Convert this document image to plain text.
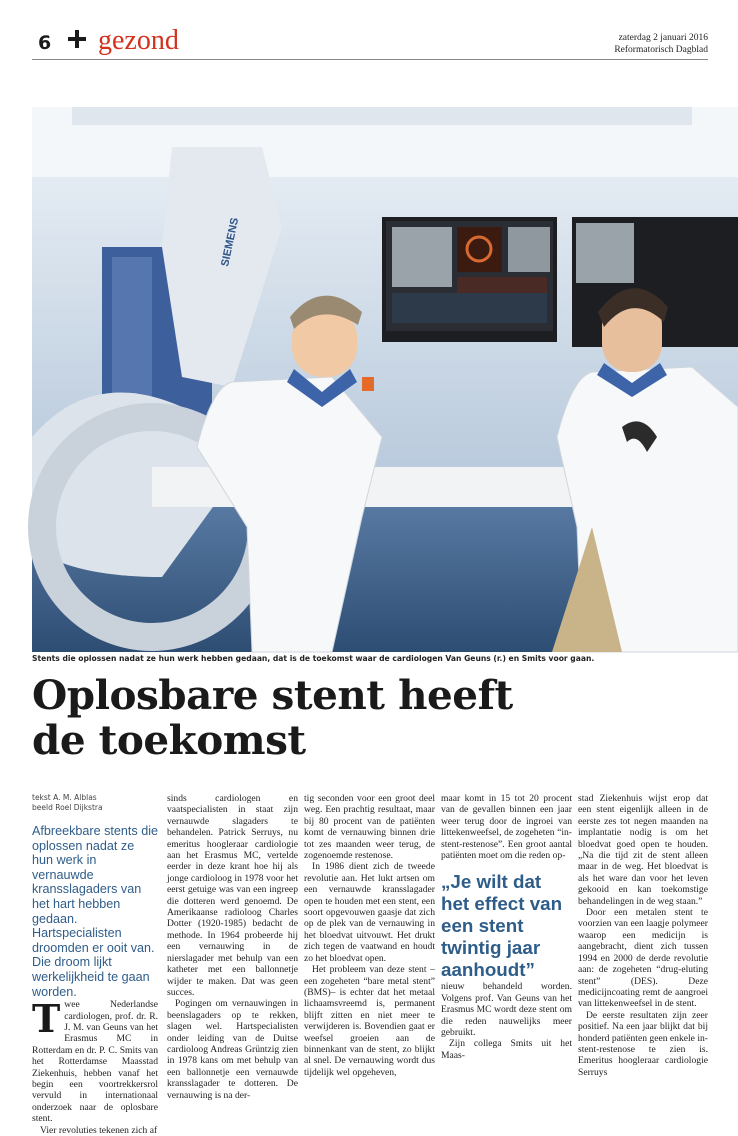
6 gezond	zaterdag 2 januari 2016
Reformatorisch Dagblad
SIEMENS
Stents die oplossen nadat ze hun werk hebben gedaan, dat is de toekomst waar de cardiologen Van Geuns (r.) en Smits voor gaan.
Oplosbare stent heeft
de toekomst
tekst A. M. Alblas
beeld Roel Dijkstra

Afbreekbare stents die oplossen nadat ze hun werk in vernauwde kransslagaders van het hart hebben gedaan. Hartspecialisten droomden er ooit van. Die droom lijkt werkelijkheid te gaan worden.

Twee Nederlandse cardiologen, prof. dr. R. J. M. van Geuns van het Erasmus MC in Rotterdam en dr. P. C. Smits van het Rotterdamse Maasstad Ziekenhuis, hebben vanaf het begin een voortrekkersrol vervuld in internationaal onderzoek naar de oplosbare stent.

Vier revoluties tekenen zich af

sinds cardiologen en vaatspecialisten in staat zijn vernauwde slagaders te behandelen. Patrick Serruys, nu emeritus hoogleraar cardiologie aan het Erasmus MC, vertelde eerder in deze krant hoe hij als jonge cardioloog in 1978 voor het eerst getuige was van een ingreep die dotteren werd genoemd. De Amerikaanse radioloog Charles Dotter (1920-1985) bedacht de methode. In 1964 probeerde hij een vernauwing in de nierslagader met behulp van een katheter met een ballonnetje wijder te maken. Dat was geen succes.

Pogingen om vernauwingen in beenslagaders op te rekken, slagen wel. Hartspecialisten onder leiding van de Duitse cardioloog Andreas Grüntzig zien in 1978 kans om met behulp van een ballonnetje een vernauwde kransslagader te dotteren. De vernauwing is na der-

tig seconden voor een groot deel weg. Een prachtig resultaat, maar bij 80 procent van de patiënten komt de vernauwing binnen drie tot zes maanden weer terug, de zogenoemde restenose.

In 1986 dient zich de tweede revolutie aan. Het lukt artsen om een vernauwde kransslagader open te houden met een stent, een soort opgevouwen gaasje dat zich op de plek van de vernauwing in het bloedvat uitvouwt. Het drukt zich tegen de vaatwand en houdt zo het bloedvat open.

Het probleem van deze stent –een zogeheten “bare metal stent” (BMS)– is echter dat het metaal lichaamsvreemd is, permanent blijft zitten en niet meer te verwijderen is. Bovendien gaat er weefsel groeien aan de binnenkant van de stent, zo blijkt al snel. De vernauwing wordt dus tijdelijk wel opgeheven,

maar komt in 15 tot 20 procent van de gevallen binnen een jaar weer terug door de ingroei van littekenweefsel, de zogeheten “in-stent-restenose”. Een groot aantal patiënten moet om die reden op-

„Je wilt dat het effect van een stent twintig jaar aanhoudt”

nieuw behandeld worden. Volgens prof. Van Geuns van het Erasmus MC wordt deze stent om die reden nauwelijks meer gebruikt.

Zijn collega Smits uit het Maas-

stad Ziekenhuis wijst erop dat een stent eigenlijk alleen in de eerste zes tot negen maanden na implantatie nodig is om het bloedvat goed open te houden. „Na die tijd zit de stent alleen maar in de weg. Het bloedvat is als het ware dan voor het leven gekooid en kan toekomstige behandelingen in de weg staan.”

Door een metalen stent te voorzien van een laagje polymeer waarop een medicijn is aangebracht, dient zich tussen 1994 en 2000 de derde revolutie aan: de zogeheten “drug-eluting stent” (DES). Deze medicijncoating remt de aangroei van littekenweefsel in de stent.

De eerste resultaten zijn zeer positief. Na een jaar blijkt dat bij honderd patiënten geen enkele in-stent-restenose te zien is. Emeritus hoogleraar cardiologie Serruys
